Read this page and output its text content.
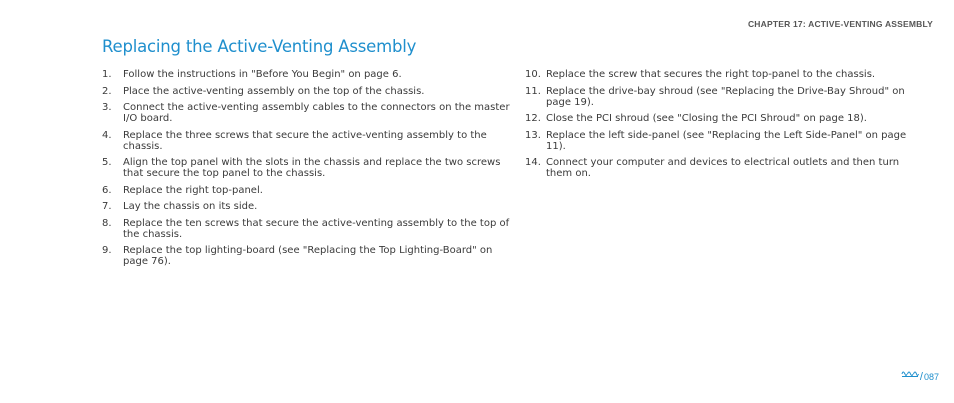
CHAPTER 17: ACTIVE-VENTING ASSEMBLY
Replacing the Active-Venting Assembly
1.	Follow the instructions in "Before You Begin" on page 6.
2.	Place the active-venting assembly on the top of the chassis.
3.	Connect the active-venting assembly cables to the connectors on the master I/O board.
4.	Replace the three screws that secure the active-venting assembly to the chassis.
5.	Align the top panel with the slots in the chassis and replace the two screws that secure the top panel to the chassis.
6.	Replace the right top-panel.
7.	Lay the chassis on its side.
8.	Replace the ten screws that secure the active-venting assembly to the top of the chassis.
9.	Replace the top lighting-board (see "Replacing the Top Lighting-Board" on page 76).
10. Replace the screw that secures the right top-panel to the chassis.
11. Replace the drive-bay shroud (see "Replacing the Drive-Bay Shroud" on page 19).
12. Close the PCI shroud (see "Closing the PCI Shroud" on page 18).
13. Replace the left side-panel (see "Replacing the Left Side-Panel" on page 11).
14. Connect your computer and devices to electrical outlets and then turn them on.
/ 087
